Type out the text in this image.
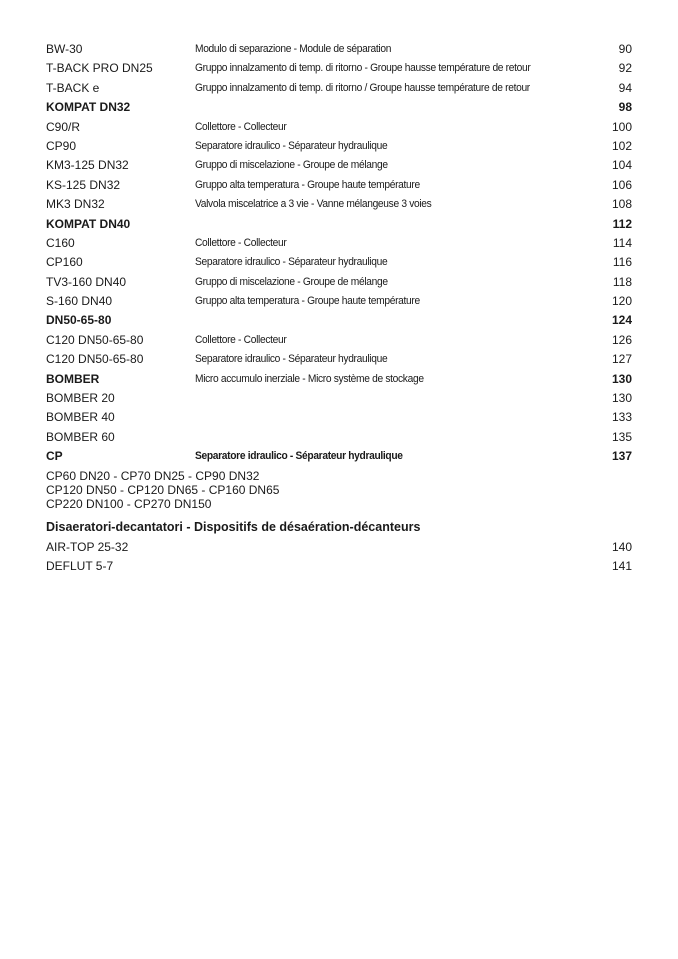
BW-30	Modulo di separazione - Module de séparation	90
T-BACK PRO DN25	Gruppo innalzamento di temp. di ritorno - Groupe hausse température de retour	92
T-BACK e	Gruppo innalzamento di temp. di ritorno / Groupe hausse température de retour	94
KOMPAT DN32	98
C90/R	Collettore - Collecteur	100
CP90	Separatore idraulico - Séparateur hydraulique	102
KM3-125 DN32	Gruppo di miscelazione - Groupe de mélange	104
KS-125 DN32	Gruppo alta temperatura - Groupe haute température	106
MK3 DN32	Valvola miscelatrice a 3 vie - Vanne mélangeuse 3 voies	108
KOMPAT DN40	112
C160	Collettore - Collecteur	114
CP160	Separatore idraulico - Séparateur hydraulique	116
TV3-160 DN40	Gruppo di miscelazione - Groupe de mélange	118
S-160 DN40	Gruppo alta temperatura - Groupe haute température	120
DN50-65-80	124
C120 DN50-65-80	Collettore - Collecteur	126
C120 DN50-65-80	Separatore idraulico - Séparateur hydraulique	127
BOMBER	Micro accumulo inerziale - Micro système de stockage	130
BOMBER 20	130
BOMBER 40	133
BOMBER 60	135
CP	Separatore idraulico - Séparateur hydraulique	137
CP60 DN20 - CP70 DN25 - CP90 DN32
CP120 DN50 - CP120 DN65 - CP160 DN65
CP220 DN100 - CP270 DN150
Disaeratori-decantatori - Dispositifs de désaération-décanteurs
AIR-TOP 25-32	140
DEFLUT 5-7	141
